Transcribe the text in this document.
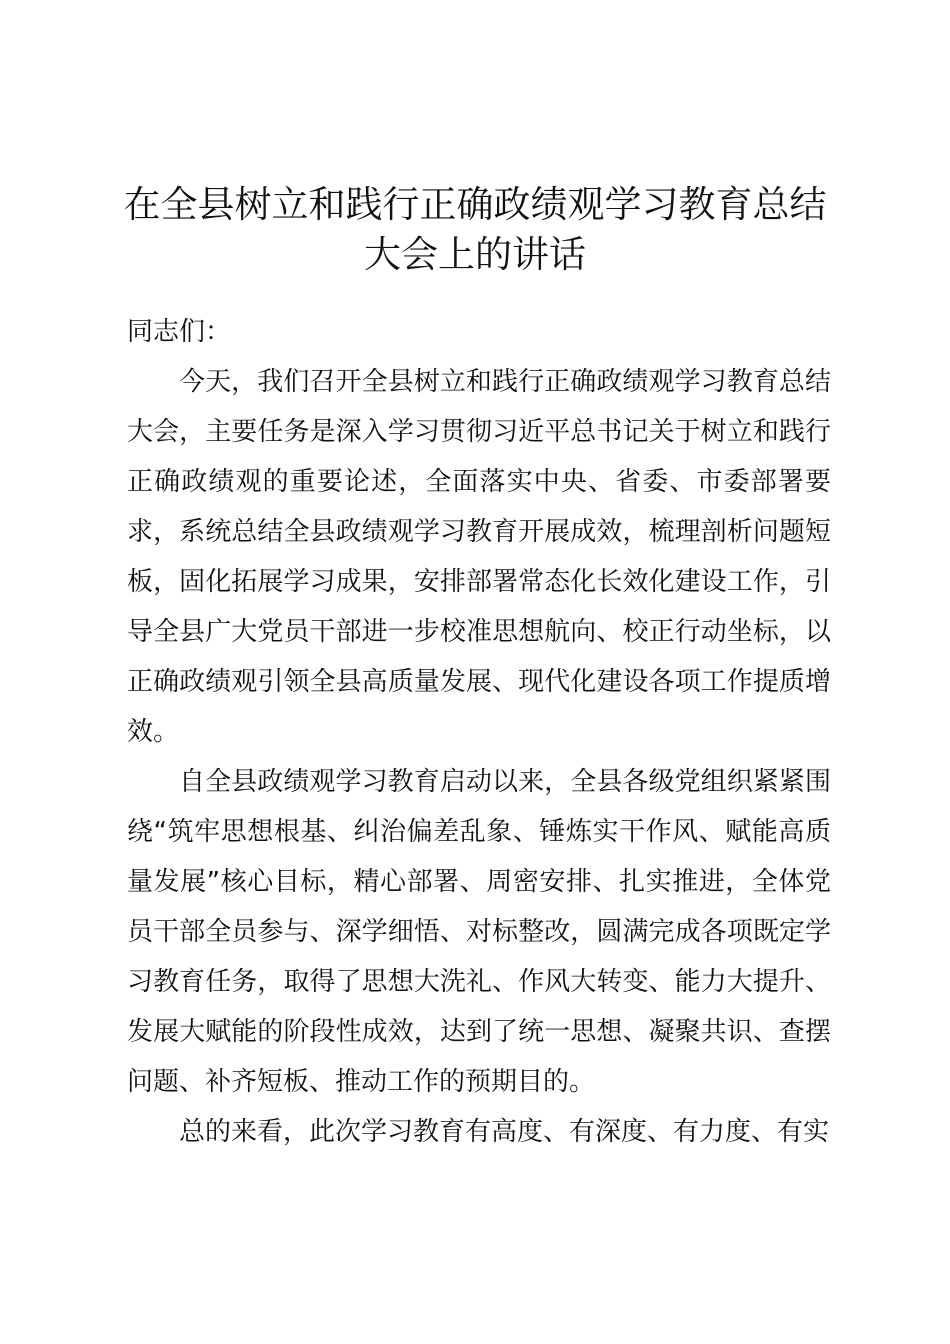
在全县树立和践行正确政绩观学习教育总结大会上的讲话

同志们：

今天，我们召开全县树立和践行正确政绩观学习教育总结大会，主要任务是深入学习贯彻习近平总书记关于树立和践行正确政绩观的重要论述，全面落实中央、省委、市委部署要求，系统总结全县政绩观学习教育开展成效，梳理剖析问题短板，固化拓展学习成果，安排部署常态化长效化建设工作，引导全县广大党员干部进一步校准思想航向、校正行动坐标，以正确政绩观引领全县高质量发展、现代化建设各项工作提质增效。

自全县政绩观学习教育启动以来，全县各级党组织紧紧围绕“筑牢思想根基、纠治偏差乱象、锤炼实干作风、赋能高质量发展”核心目标，精心部署、周密安排、扎实推进，全体党员干部全员参与、深学细悟、对标整改，圆满完成各项既定学习教育任务，取得了思想大洗礼、作风大转变、能力大提升、发展大赋能的阶段性成效，达到了统一思想、凝聚共识、查摆问题、补齐短板、推动工作的预期目的。

总的来看，此次学习教育有高度、有深度、有力度、有实
